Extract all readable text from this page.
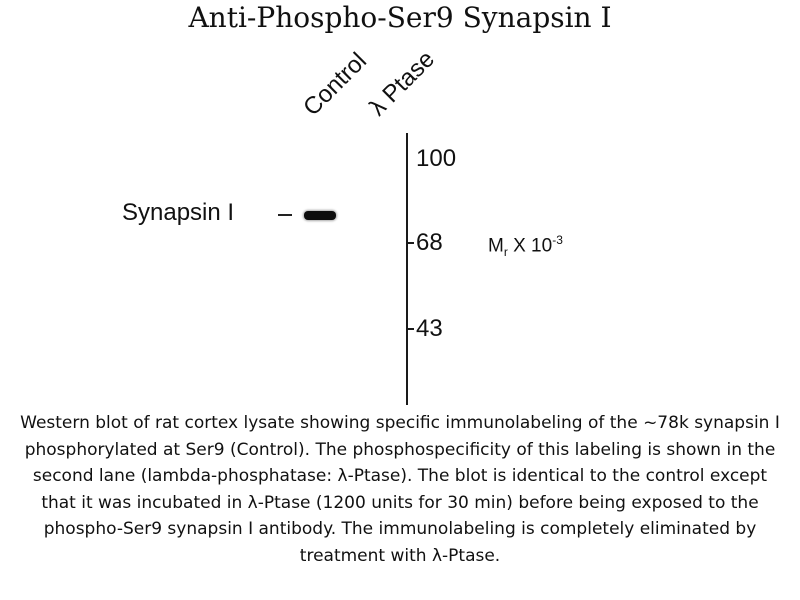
Anti-Phospho-Ser9 Synapsin I
Control
λ Ptase
Synapsin I
100
68
43
$M_r$ X $10^{-3}$
Western blot of rat cortex lysate showing specific immunolabeling of the ~78k synapsin I phosphorylated at Ser9 (Control). The phosphospecificity of this labeling is shown in the second lane (lambda-phosphatase: λ-Ptase). The blot is identical to the control except that it was incubated in λ-Ptase (1200 units for 30 min) before being exposed to the phospho-Ser9 synapsin I antibody. The immunolabeling is completely eliminated by treatment with λ-Ptase.
